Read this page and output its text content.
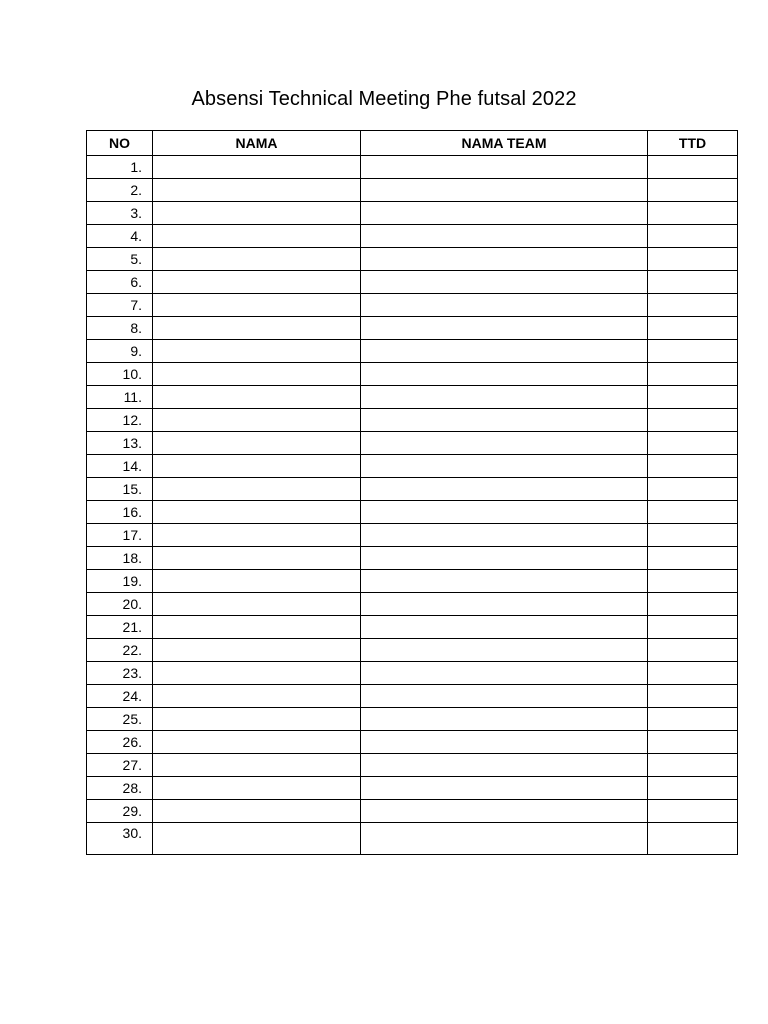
Absensi Technical Meeting Phe futsal 2022
NO	NAMA	NAMA TEAM	TTD
1.			
2.			
3.			
4.			
5.			
6.			
7.			
8.			
9.			
10.			
11.			
12.			
13.			
14.			
15.			
16.			
17.			
18.			
19.			
20.			
21.			
22.			
23.			
24.			
25.			
26.			
27.			
28.			
29.			
30.			
